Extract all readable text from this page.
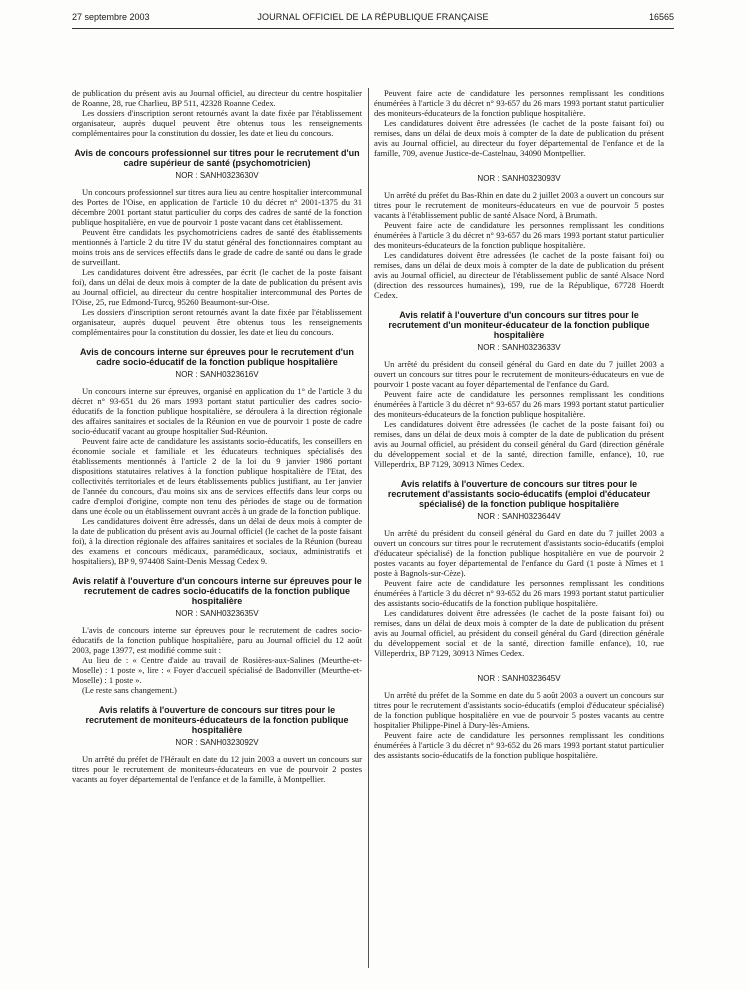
27 septembre 2003	JOURNAL OFFICIEL DE LA RÉPUBLIQUE FRANÇAISE	16565

de publication du présent avis au Journal officiel, au directeur du centre hospitalier de Roanne, 28, rue Charlieu, BP 511, 42328 Roanne Cedex.

Les dossiers d'inscription seront retournés avant la date fixée par l'établissement organisateur, auprès duquel peuvent être obtenus tous les renseignements complémentaires pour la constitution du dossier, les date et lieu du concours.

Avis de concours professionnel sur titres pour le recrutement d'un cadre supérieur de santé (psychomotricien)
NOR : SANH0323630V

Un concours professionnel sur titres aura lieu au centre hospitalier intercommunal des Portes de l'Oise, en application de l'article 10 du décret n° 2001-1375 du 31 décembre 2001 portant statut particulier du corps des cadres de santé de la fonction publique hospitalière, en vue de pourvoir 1 poste vacant dans cet établissement.

Peuvent être candidats les psychomotriciens cadres de santé des établissements mentionnés à l'article 2 du titre IV du statut général des fonctionnaires comptant au moins trois ans de services effectifs dans le grade de cadre de santé ou dans le grade de surveillant.

Les candidatures doivent être adressées, par écrit (le cachet de la poste faisant foi), dans un délai de deux mois à compter de la date de publication du présent avis au Journal officiel, au directeur du centre hospitalier intercommunal des Portes de l'Oise, 25, rue Edmond-Turcq, 95260 Beaumont-sur-Oise.

Les dossiers d'inscription seront retournés avant la date fixée par l'établissement organisateur, auprès duquel peuvent être obtenus tous les renseignements complémentaires pour la constitution du dossier, les date et lieu du concours.

Avis de concours interne sur épreuves pour le recrutement d'un cadre socio-éducatif de la fonction publique hospitalière
NOR : SANH0323616V

Un concours interne sur épreuves, organisé en application du 1° de l'article 3 du décret n° 93-651 du 26 mars 1993 portant statut particulier des cadres socio-éducatifs de la fonction publique hospitalière, se déroulera à la direction régionale des affaires sanitaires et sociales de la Réunion en vue de pourvoir 1 poste de cadre socio-éducatif vacant au groupe hospitalier Sud-Réunion.

Peuvent faire acte de candidature les assistants socio-éducatifs, les conseillers en économie sociale et familiale et les éducateurs techniques spécialisés des établissements mentionnés à l'article 2 de la loi du 9 janvier 1986 portant dispositions statutaires relatives à la fonction publique hospitalière de l'Etat, des collectivités territoriales et de leurs établissements publics justifiant, au 1er janvier de l'année du concours, d'au moins six ans de services effectifs dans leur corps ou cadre d'emploi d'origine, compte non tenu des périodes de stage ou de formation dans une école ou un établissement ouvrant accès à un grade de la fonction publique.

Les candidatures doivent être adressés, dans un délai de deux mois à compter de la date de publication du présent avis au Journal officiel (le cachet de la poste faisant foi), à la direction régionale des affaires sanitaires et sociales de la Réunion (bureau des examens et concours médicaux, paramédicaux, sociaux, administratifs et hospitaliers), BP 9, 974408 Saint-Denis Messag Cedex 9.

Avis relatif à l'ouverture d'un concours interne sur épreuves pour le recrutement de cadres socio-éducatifs de la fonction publique hospitalière
NOR : SANH0323635V

L'avis de concours interne sur épreuves pour le recrutement de cadres socio-éducatifs de la fonction publique hospitalière, paru au Journal officiel du 12 août 2003, page 13977, est modifié comme suit :

Au lieu de : « Centre d'aide au travail de Rosières-aux-Salines (Meurthe-et-Moselle) : 1 poste », lire : « Foyer d'accueil spécialisé de Badonviller (Meurthe-et-Moselle) : 1 poste ».

(Le reste sans changement.)

Avis relatifs à l'ouverture de concours sur titres pour le recrutement de moniteurs-éducateurs de la fonction publique hospitalière
NOR : SANH0323092V

Un arrêté du préfet de l'Hérault en date du 12 juin 2003 a ouvert un concours sur titres pour le recrutement de moniteurs-éducateurs en vue de pourvoir 2 postes vacants au foyer départemental de l'enfance et de la famille, à Montpellier.

Peuvent faire acte de candidature les personnes remplissant les conditions énumérées à l'article 3 du décret n° 93-657 du 26 mars 1993 portant statut particulier des moniteurs-éducateurs de la fonction publique hospitalière.

Les candidatures doivent être adressées (le cachet de la poste faisant foi) ou remises, dans un délai de deux mois à compter de la date de publication du présent avis au Journal officiel, au directeur du foyer départemental de l'enfance et de la famille, 709, avenue Justice-de-Castelnau, 34090 Montpellier.

NOR : SANH0323093V

Un arrêté du préfet du Bas-Rhin en date du 2 juillet 2003 a ouvert un concours sur titres pour le recrutement de moniteurs-éducateurs en vue de pourvoir 5 postes vacants à l'établissement public de santé Alsace Nord, à Brumath.

Peuvent faire acte de candidature les personnes remplissant les conditions énumérées à l'article 3 du décret n° 93-657 du 26 mars 1993 portant statut particulier des moniteurs-éducateurs de la fonction publique hospitalière.

Les candidatures doivent être adressées (le cachet de la poste faisant foi) ou remises, dans un délai de deux mois à compter de la date de publication du présent avis au Journal officiel, au directeur de l'établissement public de santé Alsace Nord (direction des ressources humaines), 199, rue de la République, 67728 Hoerdt Cedex.

Avis relatif à l'ouverture d'un concours sur titres pour le recrutement d'un moniteur-éducateur de la fonction publique hospitalière
NOR : SANH0323633V

Un arrêté du président du conseil général du Gard en date du 7 juillet 2003 a ouvert un concours sur titres pour le recrutement de moniteurs-éducateurs en vue de pourvoir 1 poste vacant au foyer départemental de l'enfance du Gard.

Peuvent faire acte de candidature les personnes remplissant les conditions énumérées à l'article 3 du décret n° 93-657 du 26 mars 1993 portant statut particulier des moniteurs-éducateurs de la fonction publique hospitalière.

Les candidatures doivent être adressées (le cachet de la poste faisant foi) ou remises, dans un délai de deux mois à compter de la date de publication du présent avis au Journal officiel, au président du conseil général du Gard (direction générale du développement social et de la santé, direction famille, enfance), 10, rue Villeperdrix, BP 7129, 30913 Nîmes Cedex.

Avis relatifs à l'ouverture de concours sur titres pour le recrutement d'assistants socio-éducatifs (emploi d'éducateur spécialisé) de la fonction publique hospitalière
NOR : SANH0323644V

Un arrêté du président du conseil général du Gard en date du 7 juillet 2003 a ouvert un concours sur titres pour le recrutement d'assistants socio-éducatifs (emploi d'éducateur spécialisé) de la fonction publique hospitalière en vue de pourvoir 2 postes vacants au foyer départemental de l'enfance du Gard (1 poste à Nîmes et 1 poste à Bagnols-sur-Cèze).

Peuvent faire acte de candidature les personnes remplissant les conditions énumérées à l'article 3 du décret n° 93-652 du 26 mars 1993 portant statut particulier des assistants socio-éducatifs de la fonction publique hospitalière.

Les candidatures doivent être adressées (le cachet de la poste faisant foi) ou remises, dans un délai de deux mois à compter de la date de publication du présent avis au Journal officiel, au président du conseil général du Gard (direction générale du développement social et de la santé, direction famille enfance), 10, rue Villeperdrix, BP 7129, 30913 Nîmes Cedex.

NOR : SANH0323645V

Un arrêté du préfet de la Somme en date du 5 août 2003 a ouvert un concours sur titres pour le recrutement d'assistants socio-éducatifs (emploi d'éducateur spécialisé) de la fonction publique hospitalière en vue de pourvoir 5 postes vacants au centre hospitalier Philippe-Pinel à Dury-lès-Amiens.

Peuvent faire acte de candidature les personnes remplissant les conditions énumérées à l'article 3 du décret n° 93-652 du 26 mars 1993 portant statut particulier des assistants socio-éducatifs de la fonction publique hospitalière.
